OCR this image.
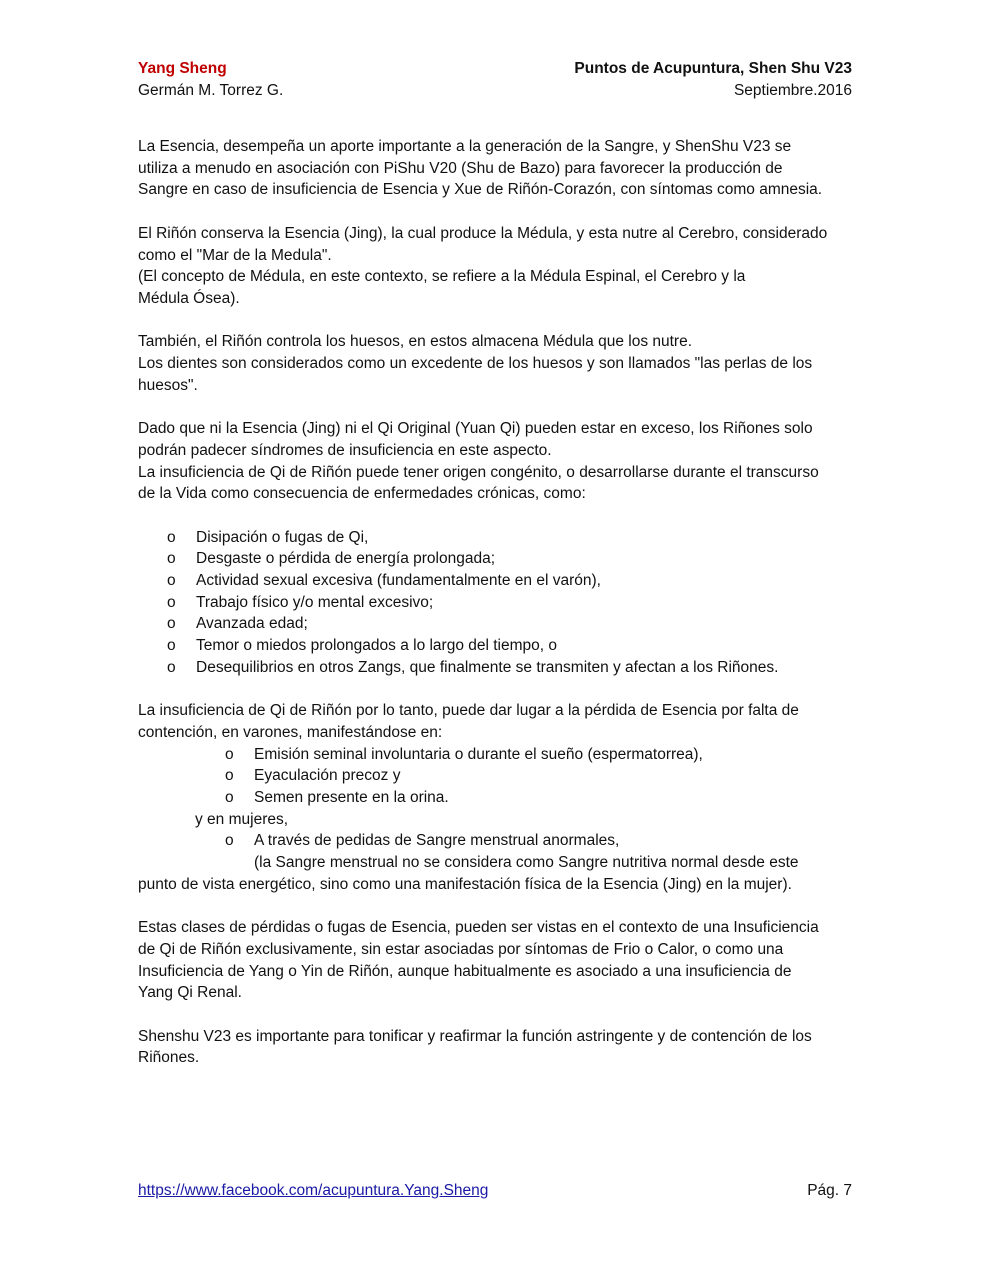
Yang Sheng	Puntos de Acupuntura, Shen Shu V23
Germán M. Torrez G.	Septiembre.2016
La Esencia, desempeña un aporte importante a la generación de la Sangre, y ShenShu V23 se
utiliza a menudo en asociación con PiShu V20 (Shu de Bazo) para favorecer la producción de
Sangre en caso de insuficiencia de Esencia y Xue de Riñón-Corazón, con síntomas como amnesia.
El Riñón conserva la Esencia (Jing), la cual produce la Médula, y esta nutre al Cerebro, considerado
como el "Mar de la Medula".
(El concepto de Médula, en este contexto, se refiere a la Médula Espinal, el Cerebro y la
Médula Ósea).
También, el Riñón controla los huesos, en estos almacena Médula que los nutre.
Los dientes son considerados como un excedente de los huesos y son llamados "las perlas de los
huesos".
Dado que ni la Esencia (Jing) ni el Qi Original (Yuan Qi) pueden estar en exceso, los Riñones solo
podrán padecer síndromes de insuficiencia en este aspecto.
La insuficiencia de Qi de Riñón puede tener origen congénito, o desarrollarse durante el transcurso
de la Vida como consecuencia de enfermedades crónicas, como:
o Disipación o fugas de Qi,
o Desgaste o pérdida de energía prolongada;
o Actividad sexual excesiva (fundamentalmente en el varón),
o Trabajo físico y/o mental excesivo;
o Avanzada edad;
o Temor o miedos prolongados a lo largo del tiempo, o
o Desequilibrios en otros Zangs, que finalmente se transmiten y afectan a los Riñones.
La insuficiencia de Qi de Riñón por lo tanto, puede dar lugar a la pérdida de Esencia por falta de
contención, en varones, manifestándose en:
o Emisión seminal involuntaria o durante el sueño (espermatorrea),
o Eyaculación precoz y
o Semen presente en la orina.
y en mujeres,
o A través de pedidas de Sangre menstrual anormales,
(la Sangre menstrual no se considera como Sangre nutritiva normal desde este
punto de vista energético, sino como una manifestación física de la Esencia (Jing) en la mujer).
Estas clases de pérdidas o fugas de Esencia, pueden ser vistas en el contexto de una Insuficiencia
de Qi de Riñón exclusivamente, sin estar asociadas por síntomas de Frio o Calor, o como una
Insuficiencia de Yang o Yin de Riñón, aunque habitualmente es asociado a una insuficiencia de
Yang Qi Renal.
Shenshu V23 es importante para tonificar y reafirmar la función astringente y de contención de los
Riñones.
https://www.facebook.com/acupuntura.Yang.Sheng	Pág. 7
